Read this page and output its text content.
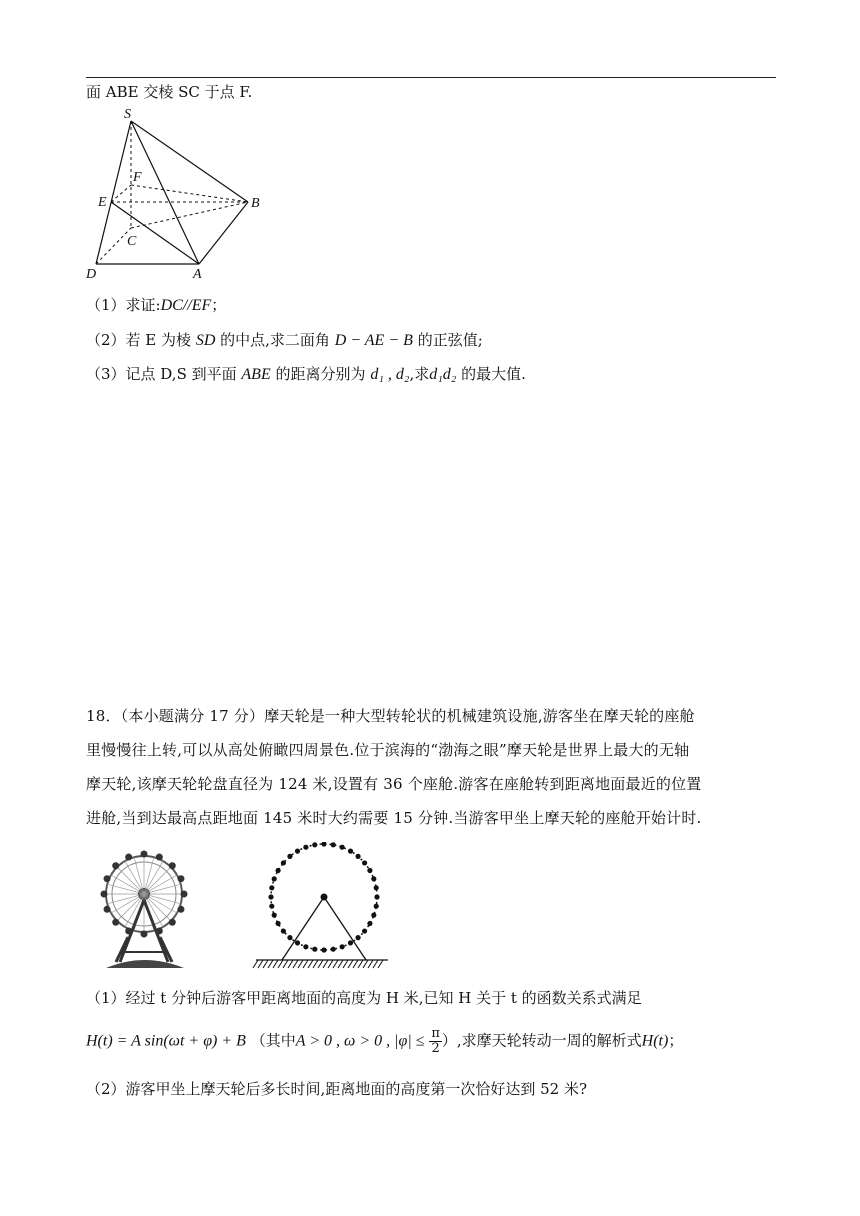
面 ABE 交棱 SC 于点 F.
S
F
E	B
C
D	A
（1）求证:DC//EF；
（2）若 E 为棱 SD 的中点,求二面角 D − AE − B 的正弦值;
（3）记点 D,S 到平面 ABE 的距离分别为 d₁ , d₂,求d₁d₂ 的最大值.
18．（本小题满分 17 分）摩天轮是一种大型转轮状的机械建筑设施,游客坐在摩天轮的座舱
里慢慢往上转,可以从高处俯瞰四周景色.位于滨海的“渤海之眼”摩天轮是世界上最大的无轴
摩天轮,该摩天轮轮盘直径为 124 米,设置有 36 个座舱.游客在座舱转到距离地面最近的位置
进舱,当到达最高点距地面 145 米时大约需要 15 分钟.当游客甲坐上摩天轮的座舱开始计时.
（1）经过 t 分钟后游客甲距离地面的高度为 H 米,已知 H 关于 t 的函数关系式满足
H(t) = A sin(ωt + φ) + B （其中A > 0 , ω > 0 , $|\varphi| \le \frac{\pi}{2}$ ）,求摩天轮转动一周的解析式H(t)；
（2）游客甲坐上摩天轮后多长时间,距离地面的高度第一次恰好达到 52 米?
